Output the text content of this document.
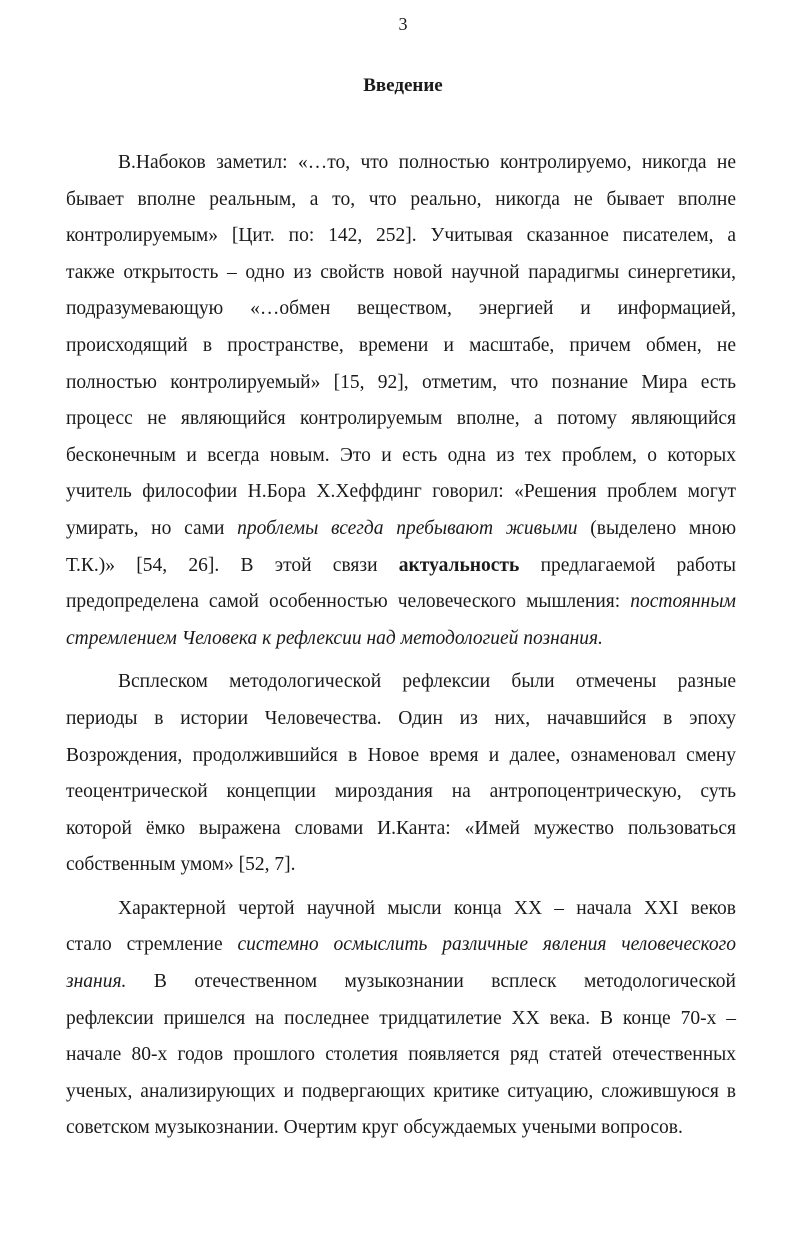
3
Введение
В.Набоков заметил: «…то, что полностью контролируемо, никогда не
бывает вполне реальным, а то, что реально, никогда не бывает вполне
контролируемым» [Цит. по: 142, 252]. Учитывая сказанное писателем, а
также открытость – одно из свойств новой научной парадигмы синергетики,
подразумевающую «…обмен веществом, энергией и информацией,
происходящий в пространстве, времени и масштабе, причем обмен, не
полностью контролируемый» [15, 92], отметим, что познание Мира есть
процесс не являющийся контролируемым вполне, а потому являющийся
бесконечным и всегда новым. Это и есть одна из тех проблем, о которых
учитель философии Н.Бора Х.Хеффдинг говорил: «Решения проблем могут
умирать, но сами проблемы всегда пребывают живыми (выделено мною
Т.К.)» [54, 26]. В этой связи актуальность предлагаемой работы
предопределена самой особенностью человеческого мышления: постоянным
стремлением Человека к рефлексии над методологией познания.
Всплеском методологической рефлексии были отмечены разные
периоды в истории Человечества. Один из них, начавшийся в эпоху
Возрождения, продолжившийся в Новое время и далее, ознаменовал смену
теоцентрической концепции мироздания на антропоцентрическую, суть
которой ёмко выражена словами И.Канта: «Имей мужество пользоваться
собственным умом» [52, 7].
Характерной чертой научной мысли конца XX – начала XXI веков
стало стремление системно осмыслить различные явления человеческого
знания. В отечественном музыкознании всплеск методологической
рефлексии пришелся на последнее тридцатилетие XX века. В конце 70-х –
начале 80-х годов прошлого столетия появляется ряд статей отечественных
ученых, анализирующих и подвергающих критике ситуацию, сложившуюся в
советском музыкознании. Очертим круг обсуждаемых учеными вопросов.
